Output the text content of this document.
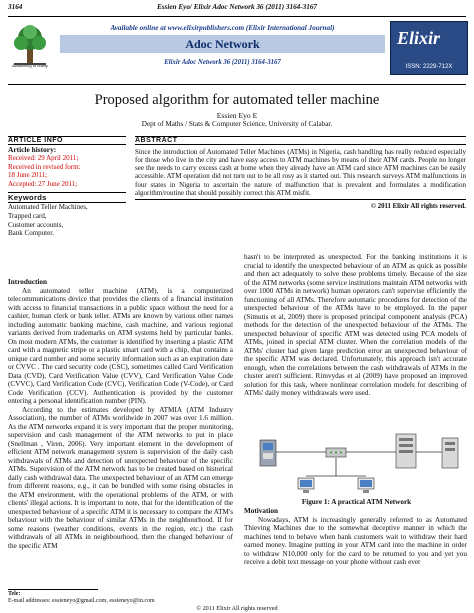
3164	Essien Eyo/ Elixir Adoc Network 36 (2011) 3164-3167
Awakening to reality
Available online at www.elixirpublishers.com (Elixir International Journal)
Adoc Network
Elixir Adoc Network 36 (2011) 3164-3167
Elixir
ISSN: 2229-712X
Proposed algorithm for automated teller machine
Essien Eyo E
Dept of Maths / Stats & Computer Science, University of Calabar.
ARTICLE INFO
Article history:
Received: 29 April 2011;
Received in revised form:
18 June 2011;
Accepted: 27 June 2011;
Keywords
Automated Teller Machines,
Trapped card,
Customer accounts,
Bank Computer.
ABSTRACT

Since the introduction of Automated Teller Machines (ATMs) in Nigeria, cash handling has really reduced especially for those who live in the city and have easy access to ATM machines by means of their ATM cards. People no longer see the needs to carry excess cash at home when they already have an ATM card since ATM machines can be easily accessible. ATM operation did not turn out to be all rosy as it started out. This research surveys ATM malfunctions in four states in Nigeria to ascertain the nature of malfunction that is prevalent and formulates a modification algorithm/routine that should possibly correct this ATM misfit.

© 2011 Elixir All rights reserved.
Introduction

An automated teller machine (ATM), is a computerized telecommunications device that provides the clients of a financial institution with access to financial transactions in a public space without the need for a cashier, human clerk or bank teller. ATMs are known by various other names including automatic banking machine, cash machine, and various regional variants derived from trademarks on ATM systems held by particular banks. On most modern ATMs, the customer is identified by inserting a plastic ATM card with a magnetic stripe or a plastic smart card with a chip, that contains a unique card number and some security information such as an expiration date or CVVC . The card security code (CSC), sometimes called Card Verification Data (CVD), Card Verification Value (CVV), Card Verification Value Code (CVVC), Card Verification Code (CVC), Verification Code (V-Code), or Card Code Verification (CCV). Authentication is provided by the customer entering a personal identification number (PIN).

According to the estimates developed by ATMIA (ATM Industry Association), the number of ATMs worldwide in 2007 was over 1.6 million. As the ATM networks expand it is very important that the proper monitoring, supervision and cash management of the ATM networks to put in place (Snellman , Viren, 2006). Very important element in the development of efficient ATM network management system is supervision of the daily cash withdrawals of ATMs and detection of unexpected behaviour of the specific ATMs. Supervision of the ATM network has to be created based on historical daily cash withdrawal data. The unexpected behaviour of an ATM can emerge from different reasons, e.g., it can be bundled with some rising obstacles in the ATM environment, with the operational problems of the ATM, or with clients' illegal actions. It is important to note, that for the identification of the unexpected behaviour of a specific ATM it is necessary to compare the ATM's behaviour with the behaviour of similar ATMs in the neighbourhood. If for some reasons (weather conditions, events in the region, etc.) the cash withdrawals of all ATMs in neighbourhood, then the changed behaviour of the specific ATM

hasn't to be interpreted as unexpected. For the banking institutions it is crucial to identify the unexpected behaviour of an ATM as quick as possible and then act adequately to solve these problems timely. Because of the size of the ATM networks (some service institutions maintain ATM networks with over 1000 ATMs in network) human operators can't supervise efficiently the functioning of all ATMs. Therefore automatic procedures for detection of the unexpected behaviour of the ATMs have to be employed. In the paper (Simutis et al, 2009) there is proposed principal component analysis (PCA) methods for the detection of the unexpected behaviour of the ATMs. The unexpected behaviour of specific ATM was detected using PCA models of ATMs, joined in special ATM cluster. When the correlation models of the ATMs' cluster had given large prediction error an unexpected behaviour of the specific ATM was declared. Unfortunately, this approach isn't accurate enough, when the correlations between the cash withdrawals of ATMs in the cluster aren't sufficient. Rimvydas et al (2009) have proposed an improved solution for this task, where nonlinear correlation models for describing of ATMs' daily money withdrawals were used.

Figure 1: A practical ATM Network
Motivation

Nowadays, ATM is increasingly generally referred to as Automated Thieving Machines due to the somewhat deceptive manner in which the machines tend to behave when bank customers wait to withdraw their hard earned money. Imagine putting in your ATM card into the machine in order to withdraw N10,000 only for the card to be returned to you and yet you receive a debit text message on your phone without cash ever

Tele:
E-mail addresses: essieneyo@gmail.com, essieneyo@in.com
© 2011 Elixir All rights reserved
